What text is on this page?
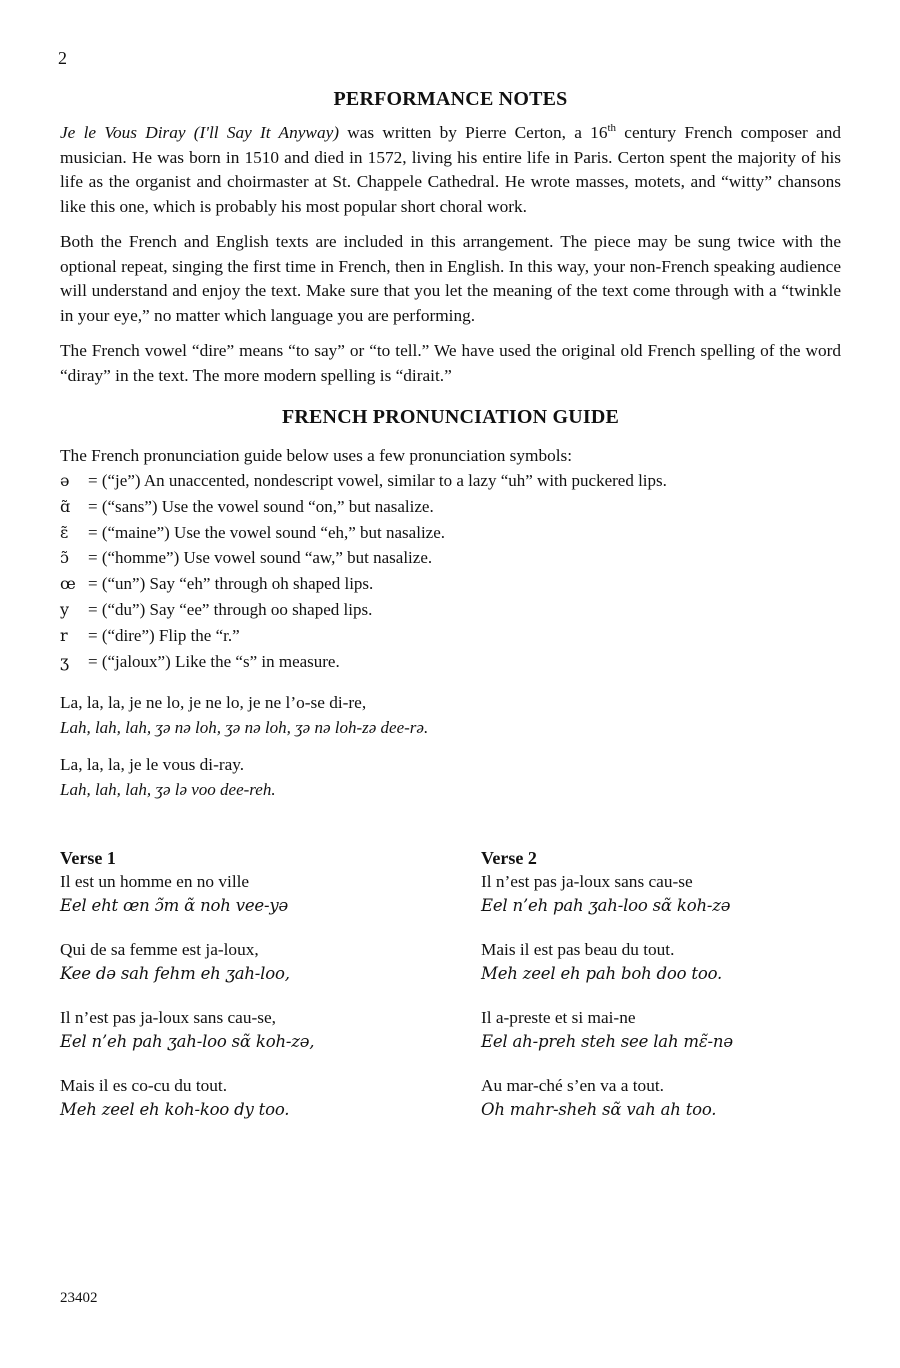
2
PERFORMANCE NOTES

Je le Vous Diray (I'll Say It Anyway) was written by Pierre Certon, a 16th century French composer and musician. He was born in 1510 and died in 1572, living his entire life in Paris. Certon spent the majority of his life as the organist and choirmaster at St. Chappele Cathedral. He wrote masses, motets, and “witty” chansons like this one, which is probably his most popular short choral work.

Both the French and English texts are included in this arrangement. The piece may be sung twice with the optional repeat, singing the first time in French, then in English. In this way, your non-French speaking audience will understand and enjoy the text. Make sure that you let the meaning of the text come through with a “twinkle in your eye,” no matter which language you are performing.

The French vowel “dire” means “to say” or “to tell.” We have used the original old French spelling of the word “diray” in the text. The more modern spelling is “dirait.”

FRENCH PRONUNCIATION GUIDE
The French pronunciation guide below uses a few pronunciation symbols:
ə	= (“je”) An unaccented, nondescript vowel, similar to a lazy “uh” with puckered lips.
ɑ̃	= (“sans”) Use the vowel sound “on,” but nasalize.
ɛ̃	= (“maine”) Use the vowel sound “eh,” but nasalize.
ɔ̃	= (“homme”) Use vowel sound “aw,” but nasalize.
œ = (“un”) Say “eh” through oh shaped lips.
y	= (“du”) Say “ee” through oo shaped lips.
r	= (“dire”) Flip the “r.”
ʒ	= (“jaloux”) Like the “s” in measure.
La, la, la, je ne lo, je ne lo, je ne l’o-se di-re,
Lah, lah, lah, ʒə nə loh, ʒə nə loh, ʒə nə loh-zə dee-rə.
La, la, la, je le vous di-ray.
Lah, lah, lah, ʒə lə voo dee-reh.
Verse 1
Il est un homme en no ville
Eel eht œn ɔ̃m ɑ̃ noh vee-yə
Qui de sa femme est ja-loux,
Kee də sah fehm eh ʒah-loo,
Il n’est pas ja-loux sans cau-se,
Eel n’eh pah ʒah-loo sɑ̃ koh-zə,
Mais il es co-cu du tout.
Meh zeel eh koh-koo dy too.
Verse 2
Il n’est pas ja-loux sans cau-se
Eel n’eh pah ʒah-loo sɑ̃ koh-zə
Mais il est pas beau du tout.
Meh zeel eh pah boh doo too.
Il a-preste et si mai-ne
Eel ah-preh steh see lah mɛ̃-nə
Au mar-ché s’en va a tout.
Oh mahr-sheh sɑ̃ vah ah too.
23402
